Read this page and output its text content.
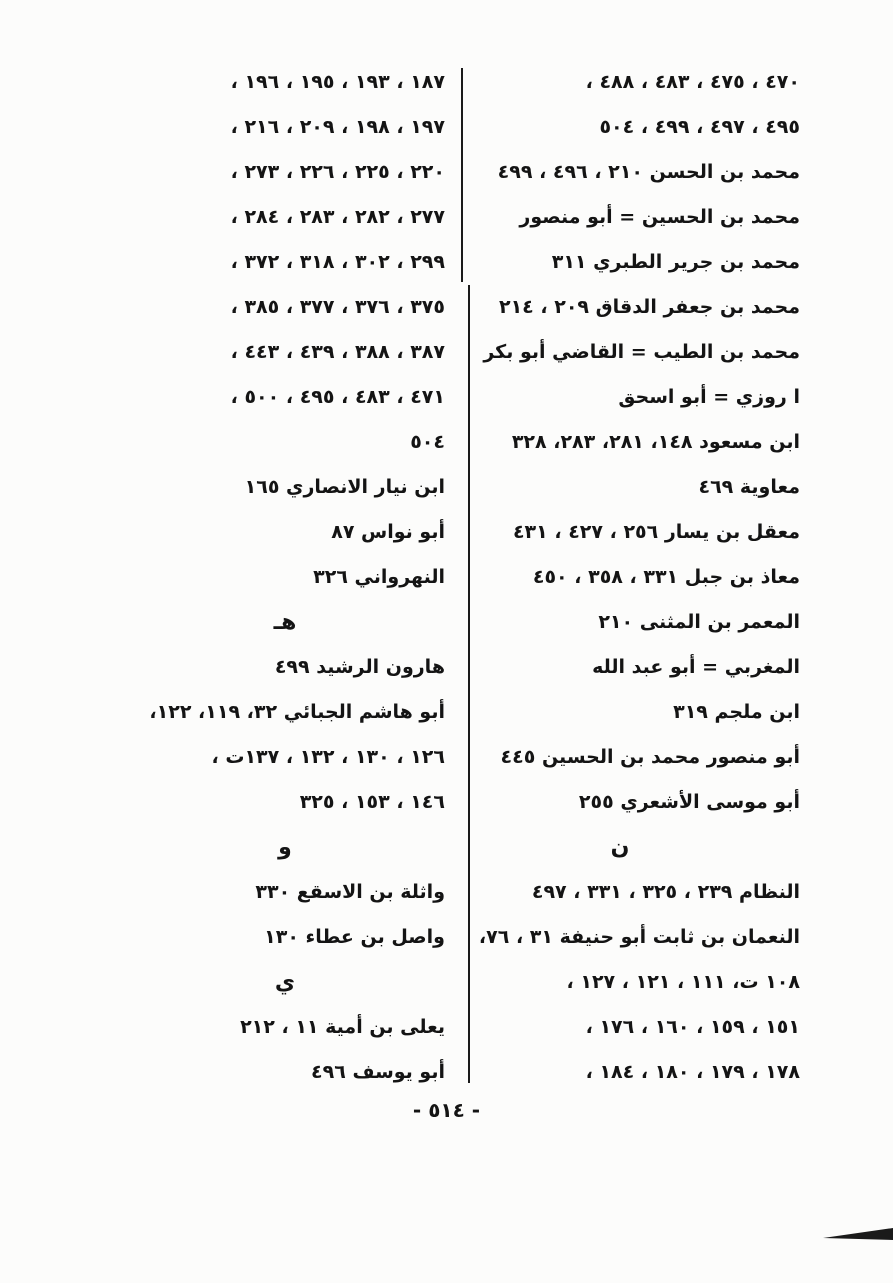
٤٧٠ ، ٤٧٥ ، ٤٨٣ ، ٤٨٨ ،
٤٩٥ ، ٤٩٧ ، ٤٩٩ ، ٥٠٤
محمد بن الحسن ٢١٠ ، ٤٩٦ ، ٤٩٩
محمد بن الحسين = أبو منصور
محمد بن جرير الطبري ٣١١
محمد بن جعفر الدقاق ٢٠٩ ، ٢١٤
محمد بن الطيب = القاضي أبو بكر
ا روزي = أبو اسحق
ابن مسعود ١٤٨، ٢٨١، ٢٨٣، ٣٢٨
معاوية ٤٦٩
معقل بن يسار ٢٥٦ ، ٤٢٧ ، ٤٣١
معاذ بن جبل ٣٣١ ، ٣٥٨ ، ٤٥٠
المعمر بن المثنى ٢١٠
المغربي = أبو عبد الله
ابن ملجم ٣١٩
أبو منصور محمد بن الحسين ٤٤٥
أبو موسى الأشعري ٢٥٥
ن
النظام ٢٣٩ ، ٣٢٥ ، ٣٣١ ، ٤٩٧
النعمان بن ثابت أبو حنيفة ٣١ ، ٧٦،
١٠٨ ت، ١١١ ، ١٢١ ، ١٢٧ ،
١٥١ ، ١٥٩ ، ١٦٠ ، ١٧٦ ،
١٧٨ ، ١٧٩ ، ١٨٠ ، ١٨٤ ،
١٨٧ ، ١٩٣ ، ١٩٥ ، ١٩٦ ،
١٩٧ ، ١٩٨ ، ٢٠٩ ، ٢١٦ ،
٢٢٠ ، ٢٢٥ ، ٢٢٦ ، ٢٧٣ ،
٢٧٧ ، ٢٨٢ ، ٢٨٣ ، ٢٨٤ ،
٢٩٩ ، ٣٠٢ ، ٣١٨ ، ٣٧٢ ،
٣٧٥ ، ٣٧٦ ، ٣٧٧ ، ٣٨٥ ،
٣٨٧ ، ٣٨٨ ، ٤٣٩ ، ٤٤٣ ،
٤٧١ ، ٤٨٣ ، ٤٩٥ ، ٥٠٠ ،
٥٠٤
ابن نيار الانصاري ١٦٥
أبو نواس ٨٧
النهرواني ٣٢٦
هـ
هارون الرشيد ٤٩٩
أبو هاشم الجبائي ٣٢، ١١٩، ١٢٢،
١٢٦ ، ١٣٠ ، ١٣٢ ، ١٣٧ت ،
١٤٦ ، ١٥٣ ، ٣٢٥
و
واثلة بن الاسقع ٣٣٠
واصل بن عطاء ١٣٠
ي
يعلى بن أمية ١١ ، ٢١٢
أبو يوسف ٤٩٦
- ٥١٤ -
